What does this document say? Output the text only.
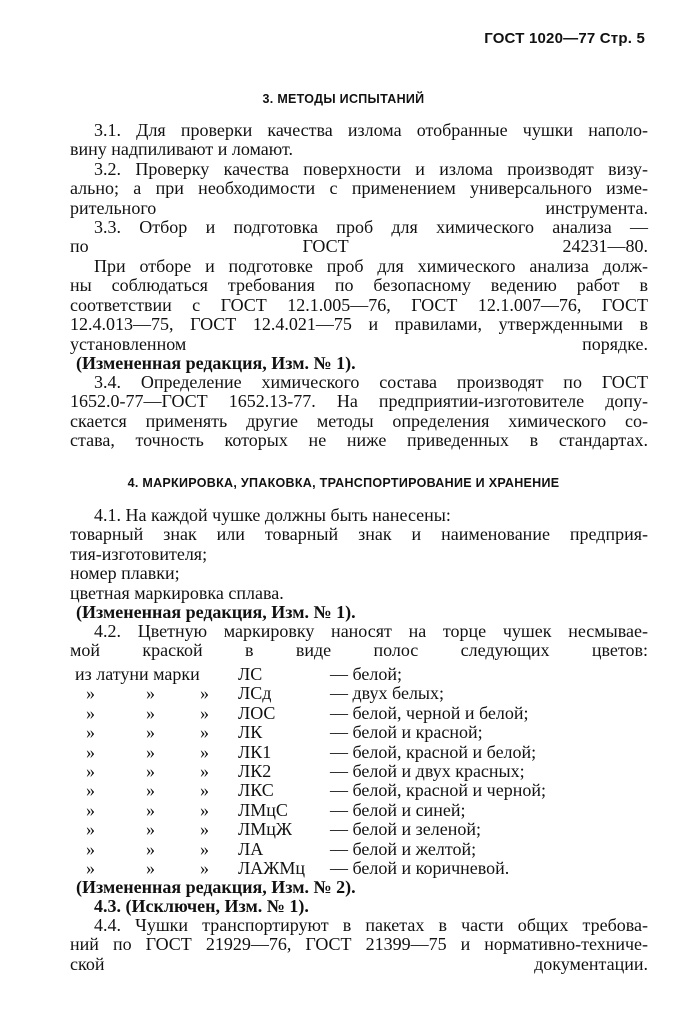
ГОСТ 1020—77 Стр. 5
3. МЕТОДЫ ИСПЫТАНИЙ
3.1. Для проверки качества излома отобранные чушки наполо-
вину надпиливают и ломают.
3.2. Проверку качества поверхности и излома производят визу-
ально; а при необходимости с применением универсального изме-
рительного инструмента.
3.3. Отбор и подготовка проб для химического анализа —
по ГОСТ 24231—80.
При отборе и подготовке проб для химического анализа долж-
ны соблюдаться требования по безопасному ведению работ в
соответствии с ГОСТ 12.1.005—76, ГОСТ 12.1.007—76, ГОСТ
12.4.013—75, ГОСТ 12.4.021—75 и правилами, утвержденными в
установленном порядке.
(Измененная редакция, Изм. № 1).
3.4. Определение химического состава производят по ГОСТ
1652.0-77—ГОСТ 1652.13-77. На предприятии-изготовителе допу-
скается применять другие методы определения химического со-
става, точность которых не ниже приведенных в стандартах.
4. МАРКИРОВКА, УПАКОВКА, ТРАНСПОРТИРОВАНИЕ И ХРАНЕНИЕ
4.1. На каждой чушке должны быть нанесены:
товарный знак или товарный знак и наименование предприя-
тия-изготовителя;
номер плавки;
цветная маркировка сплава.
(Измененная редакция, Изм. № 1).
4.2. Цветную маркировку наносят на торце чушек несмывае-
мой краской в виде полос следующих цветов:
из латуни марки ЛС	— белой;
»	»	» ЛСд	— двух белых;
»	»	» ЛОС	— белой, черной и белой;
»	»	» ЛК	— белой и красной;
»	»	» ЛК1	— белой, красной и белой;
»	»	» ЛК2	— белой и двух красных;
»	»	» ЛКС	— белой, красной и черной;
»	»	» ЛМцС — белой и синей;
»	»	» ЛМцЖ — белой и зеленой;
»	»	» ЛА	— белой и желтой;
»	»	» ЛАЖМц — белой и коричневой.
(Измененная редакция, Изм. № 2).
4.3. (Исключен, Изм. № 1).
4.4. Чушки транспортируют в пакетах в части общих требова-
ний по ГОСТ 21929—76, ГОСТ 21399—75 и нормативно-техниче-
ской документации.
